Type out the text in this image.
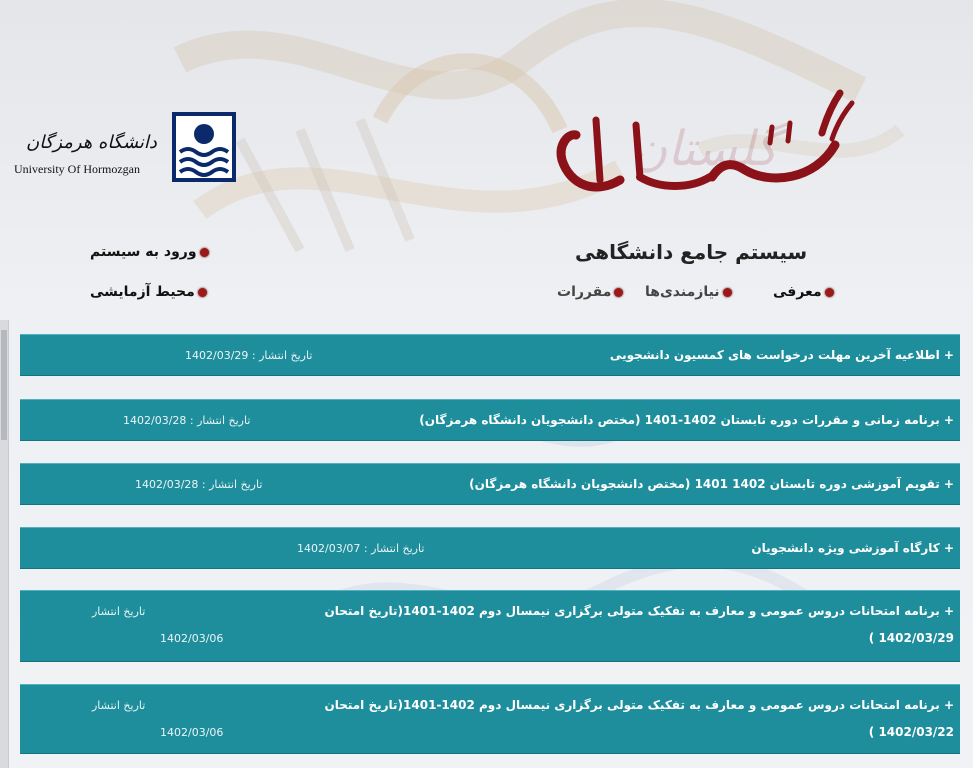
گلستان
سیستم جامع دانشگاهی
دانشگاه هرمزگان
University Of Hormozgan
ورود به سیستم
محیط آزمایشی	معرفی
نیازمندی‌ها
مقررات
+ اطلاعیه آخرین مهلت درخواست های کمسیون دانشجویی
تاریخ انتشار : 1402/03/29
+ برنامه زمانی و مقررات دوره تابستان 1402-1401 (مختص دانشجویان دانشگاه هرمزگان)
تاریخ انتشار : 1402/03/28
+ تقویم آموزشی دوره تابستان 1402 1401 (مختص دانشجویان دانشگاه هرمزگان)
تاریخ انتشار : 1402/03/28
+ کارگاه آموزشی ویژه دانشجویان
تاریخ انتشار : 1402/03/07
+ برنامه امتحانات دروس عمومی و معارف به تفکیک متولی برگزاری نیمسال دوم 1402-1401(تاریخ امتحان
1402/03/29 )
تاریخ انتشار
1402/03/06
+ برنامه امتحانات دروس عمومی و معارف به تفکیک متولی برگزاری نیمسال دوم 1402-1401(تاریخ امتحان
1402/03/22 )
تاریخ انتشار
1402/03/06
